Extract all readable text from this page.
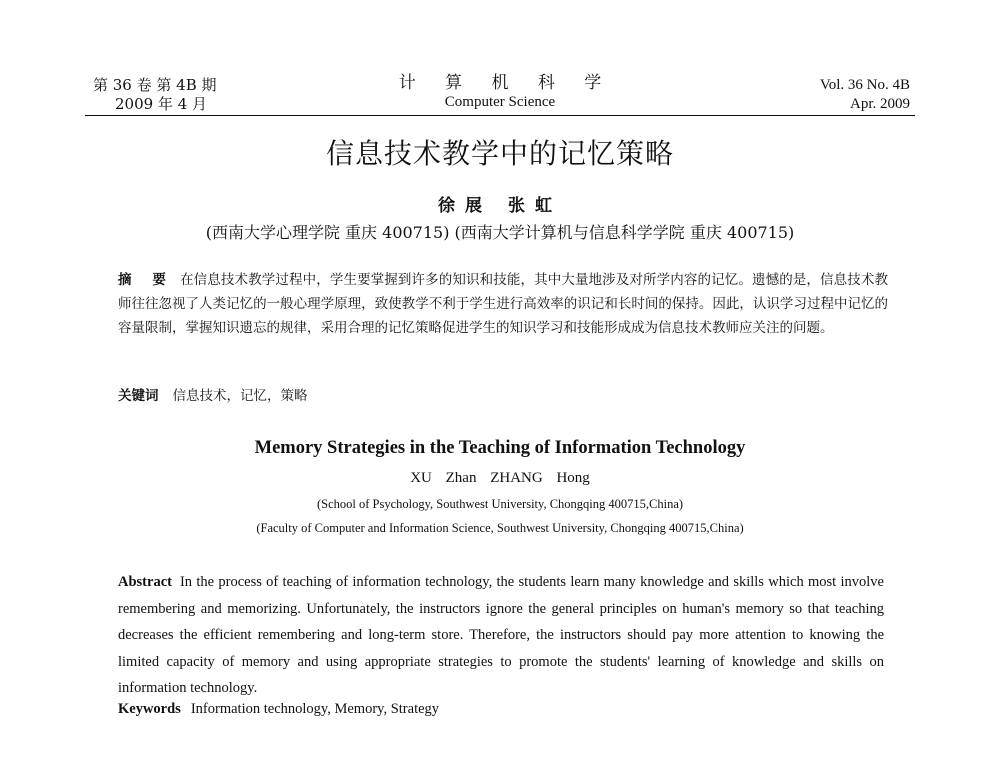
第 36 卷 第 4B 期
2009 年 4 月
计 算 机 科 学
Computer Science
Vol. 36 No. 4B
Apr. 2009
信息技术教学中的记忆策略
徐展 张虹
(西南大学心理学院 重庆 400715) (西南大学计算机与信息科学学院 重庆 400715)
摘 要 在信息技术教学过程中，学生要掌握到许多的知识和技能，其中大量地涉及对所学内容的记忆。遗憾的是，信息技术教师往往忽视了人类记忆的一般心理学原理，致使教学不利于学生进行高效率的识记和长时间的保持。因此，认识学习过程中记忆的容量限制，掌握知识遗忘的规律，采用合理的记忆策略促进学生的知识学习和技能形成成为信息技术教师应关注的问题。
关键词 信息技术，记忆，策略
Memory Strategies in the Teaching of Information Technology
XU Zhan ZHANG Hong
(School of Psychology, Southwest University, Chongqing 400715,China)
(Faculty of Computer and Information Science, Southwest University, Chongqing 400715,China)
Abstract In the process of teaching of information technology, the students learn many knowledge and skills which most involve remembering and memorizing. Unfortunately, the instructors ignore the general principles on human's memory so that teaching decreases the efficient remembering and long-term store. Therefore, the instructors should pay more attention to knowing the limited capacity of memory and using appropriate strategies to promote the students' learning of knowledge and skills on information technology.
Keywords Information technology, Memory, Strategy
